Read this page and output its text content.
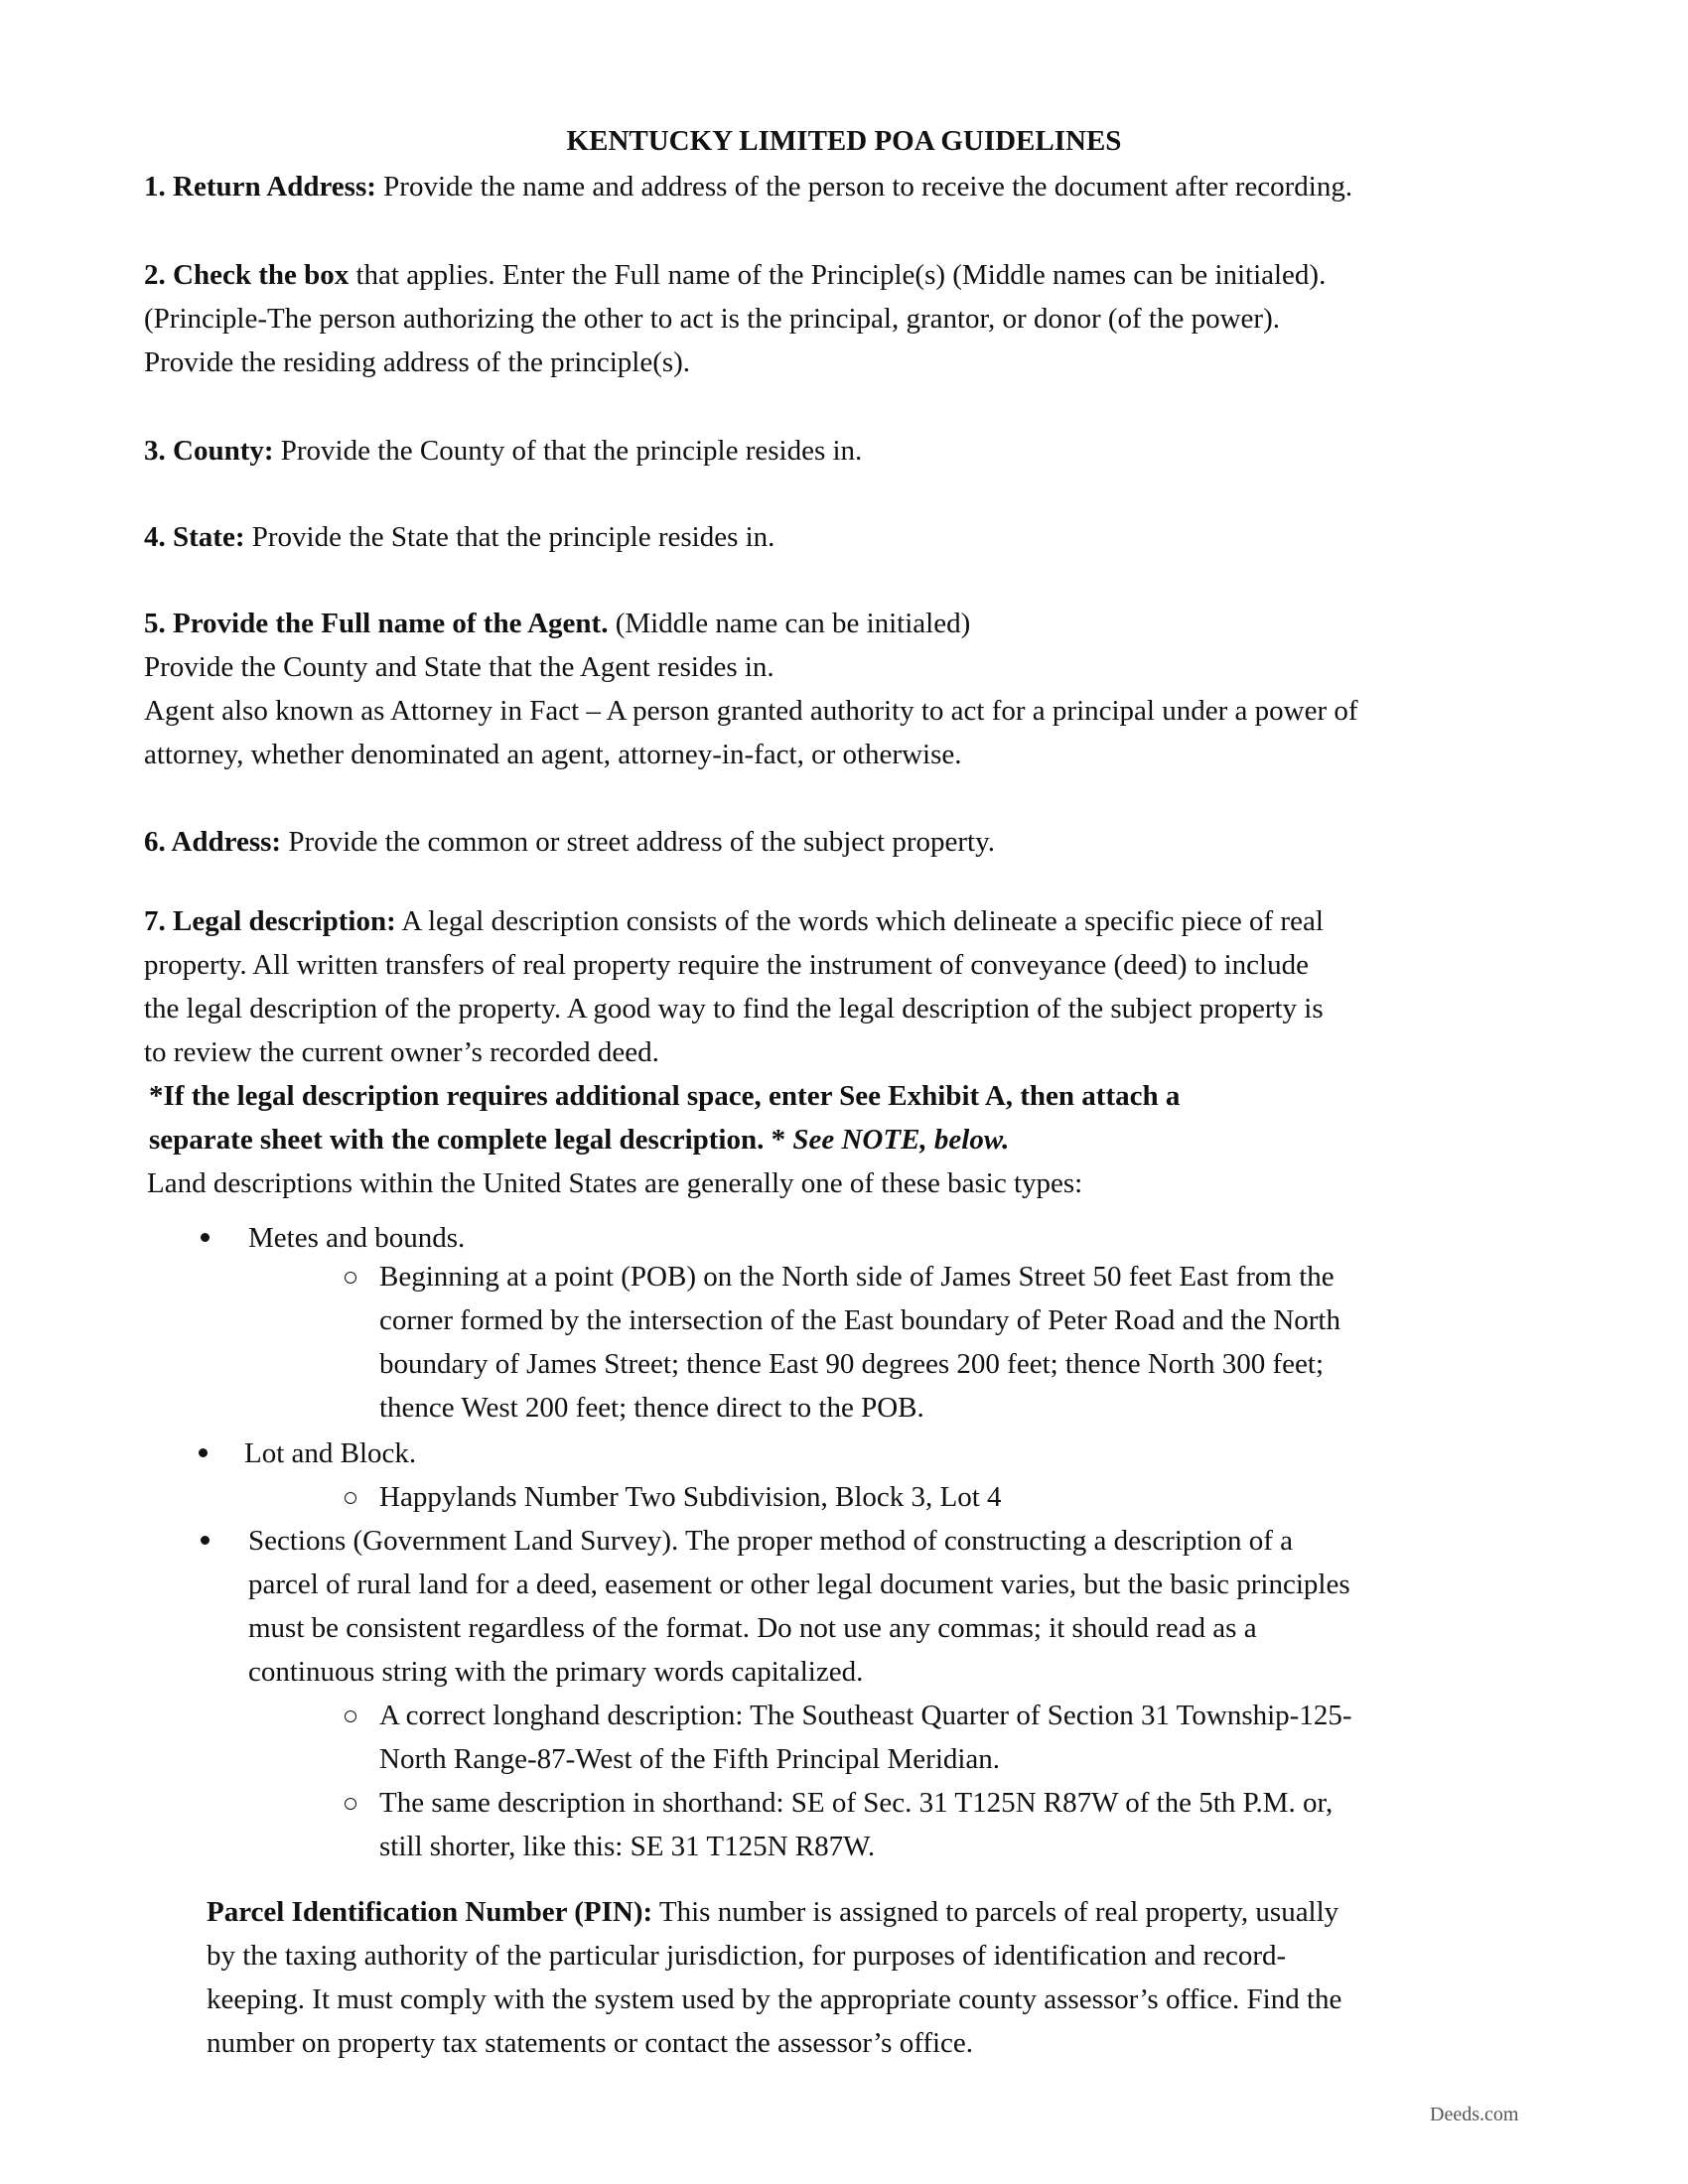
KENTUCKY LIMITED POA GUIDELINES
1. Return Address: Provide the name and address of the person to receive the document after recording.
2. Check the box that applies. Enter the Full name of the Principle(s) (Middle names can be initialed).
(Principle-The person authorizing the other to act is the principal, grantor, or donor (of the power).
Provide the residing address of the principle(s).
3. County: Provide the County of that the principle resides in.
4. State: Provide the State that the principle resides in.
5. Provide the Full name of the Agent. (Middle name can be initialed)
Provide the County and State that the Agent resides in.
Agent also known as Attorney in Fact – A person granted authority to act for a principal under a power of
attorney, whether denominated an agent, attorney-in-fact, or otherwise.
6. Address: Provide the common or street address of the subject property.
7. Legal description: A legal description consists of the words which delineate a specific piece of real
property. All written transfers of real property require the instrument of conveyance (deed) to include
the legal description of the property. A good way to find the legal description of the subject property is
to review the current owner’s recorded deed.
*If the legal description requires additional space, enter See Exhibit A, then attach a
separate sheet with the complete legal description. * See NOTE, below.
Land descriptions within the United States are generally one of these basic types:
Metes and bounds.
Beginning at a point (POB) on the North side of James Street 50 feet East from the
corner formed by the intersection of the East boundary of Peter Road and the North
boundary of James Street; thence East 90 degrees 200 feet; thence North 300 feet;
thence West 200 feet; thence direct to the POB.
Lot and Block.
Happylands Number Two Subdivision, Block 3, Lot 4
Sections (Government Land Survey). The proper method of constructing a description of a
parcel of rural land for a deed, easement or other legal document varies, but the basic principles
must be consistent regardless of the format. Do not use any commas; it should read as a
continuous string with the primary words capitalized.
A correct longhand description: The Southeast Quarter of Section 31 Township-125-
North Range-87-West of the Fifth Principal Meridian.
The same description in shorthand: SE of Sec. 31 T125N R87W of the 5th P.M. or,
still shorter, like this: SE 31 T125N R87W.
Parcel Identification Number (PIN): This number is assigned to parcels of real property, usually
by the taxing authority of the particular jurisdiction, for purposes of identification and record-
keeping. It must comply with the system used by the appropriate county assessor’s office. Find the
number on property tax statements or contact the assessor’s office.
Deeds.com
